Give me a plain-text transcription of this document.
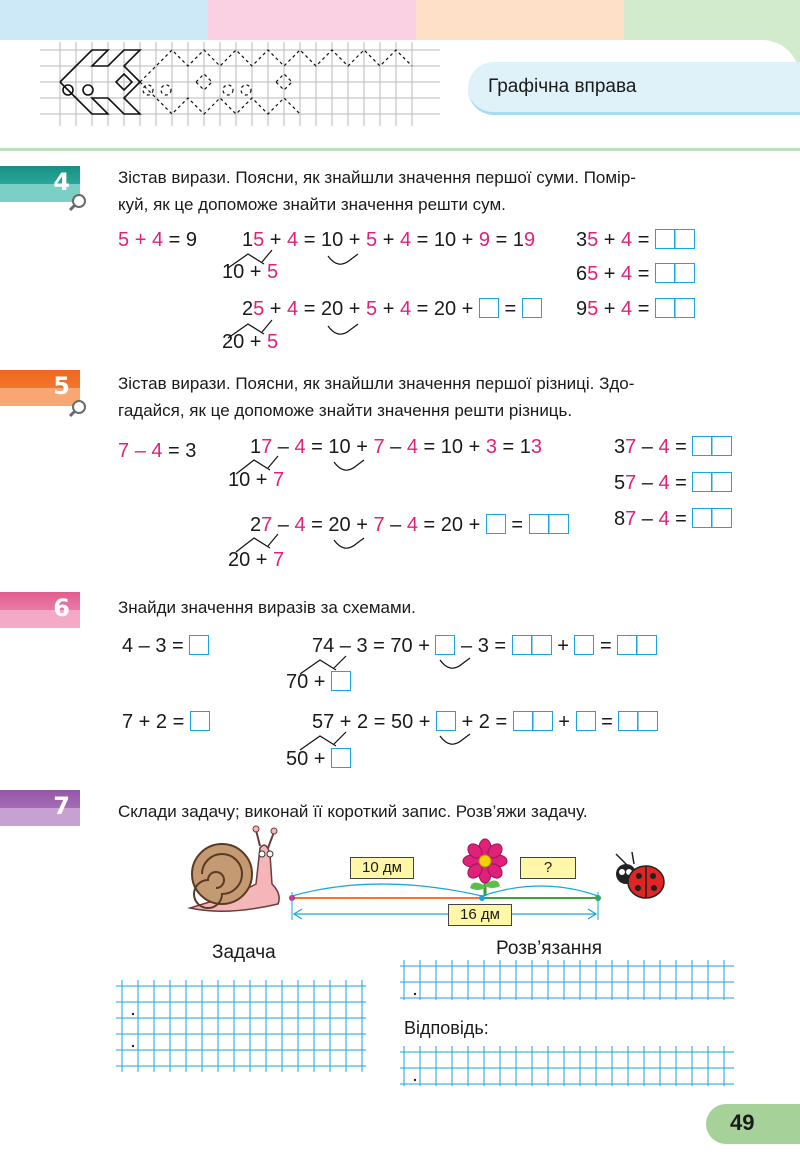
Графічна вправа
4	Зістав вирази. Поясни, як знайшли значення першої суми. Помір-
куй, як це допоможе знайти значення решти сум.
5 + 4 = 9 15 + 4 = 10 + 5 + 4 = 10 + 9 = 19
10 + 5
25 + 4 = 20 + 5 + 4 = 20 +  =
20 + 5
35 + 4 =
65 + 4 =
95 + 4 =
5	Зістав вирази. Поясни, як знайшли значення першої різниці. Здо-
гадайся, як це допоможе знайти значення решти різниць.
7 – 4 = 3	17 – 4 = 10 + 7 – 4 = 10 + 3 = 13
10 + 7
27 – 4 = 20 + 7 – 4 = 20 +  =
20 + 7
37 – 4 =
57 – 4 =
87 – 4 =
6	Знайди значення виразів за схемами.
4 – 3 =	74 – 3 = 70 + – 3 =	+ =
70 +
7 + 2 =	57 + 2 = 50 + + 2 =	+ =
50 +
7	Склади задачу; виконай її короткий запис. Розв’яжи задачу.
10 дм	?
16 дм
Задача	Розв’язання
Відповідь:
49
